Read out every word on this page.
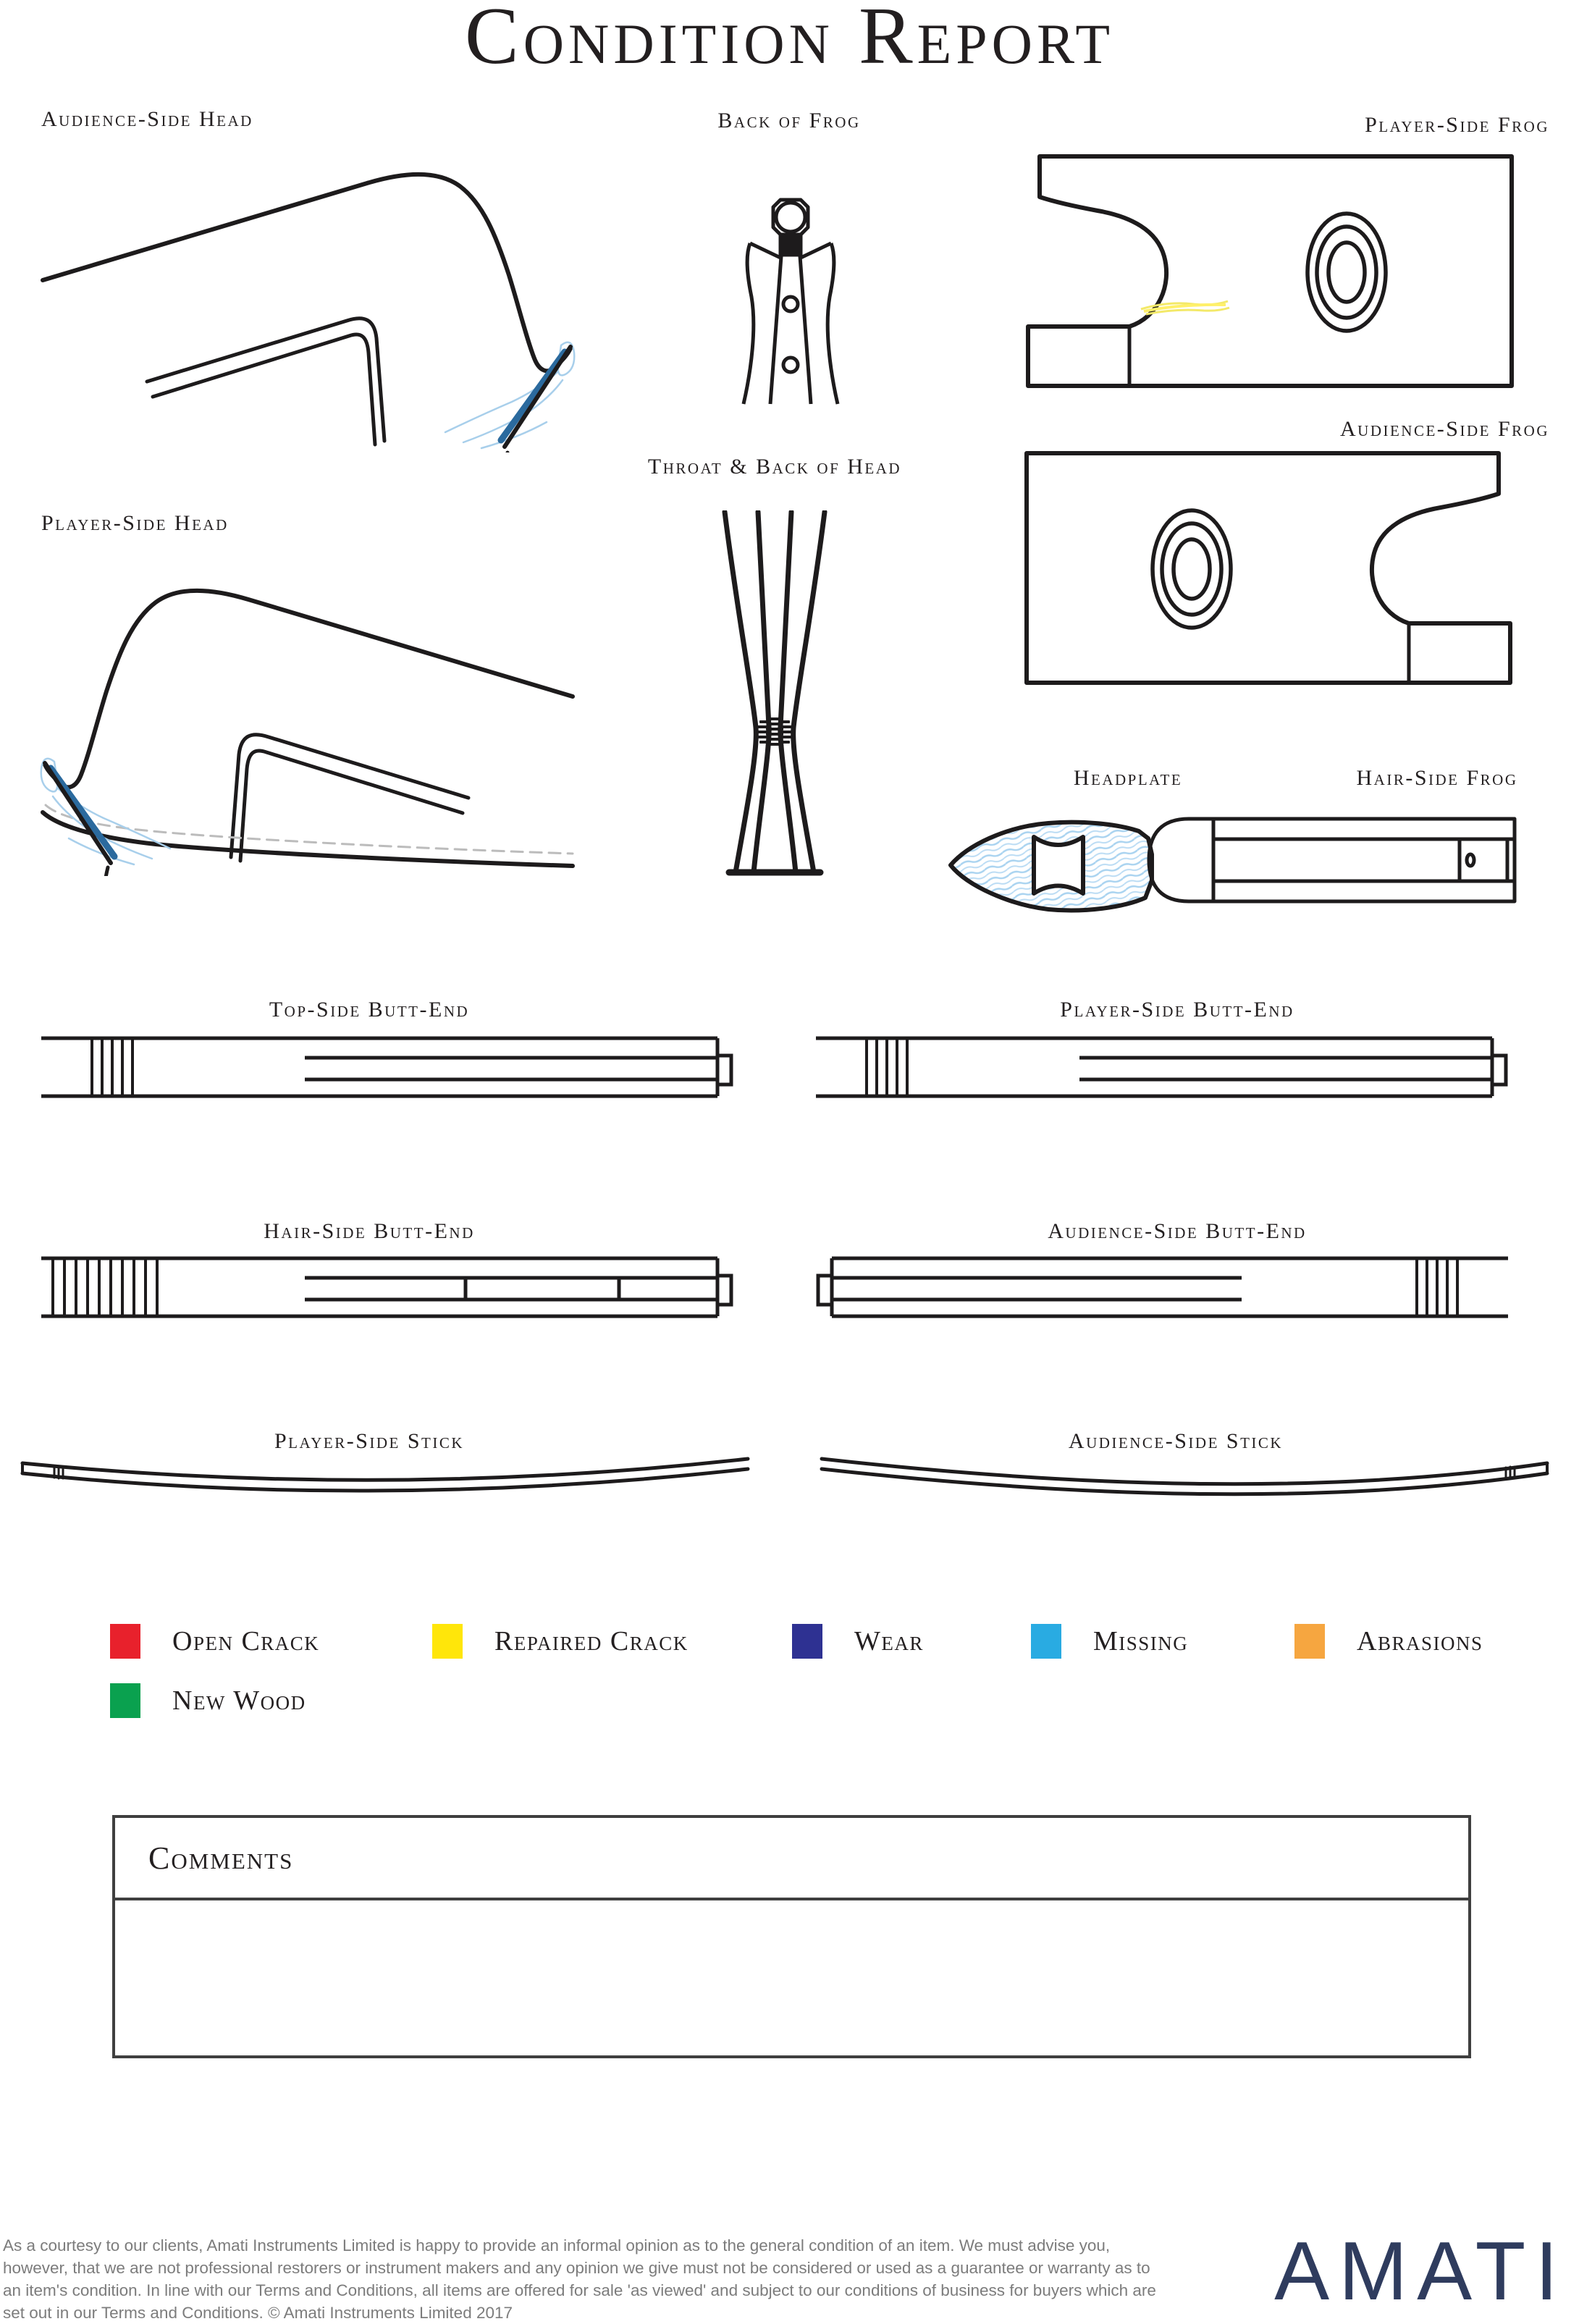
Condition Report
Audience-Side Head	Back of Frog	Player-Side Frog
Audience-Side Frog
Throat & Back of Head
Player-Side Head
Headplate	Hair-Side Frog
Top-Side Butt-End	Player-Side Butt-End
Hair-Side Butt-End	Audience-Side Butt-End
Player-Side Stick	Audience-Side Stick
Open Crack	Repaired Crack	Wear	Missing	Abrasions
New Wood
Comments
As a courtesy to our clients, Amati Instruments Limited is happy to provide an informal opinion as to the general condition of an item. We must advise you, however, that we are not professional restorers or instrument makers and any opinion we give must not be considered or used as a guarantee or warranty as to an item's condition. In line with our Terms and Conditions, all items are offered for sale 'as viewed' and subject to our conditions of business for buyers which are set out in our Terms and Conditions. © Amati Instruments Limited 2017	AMATI
